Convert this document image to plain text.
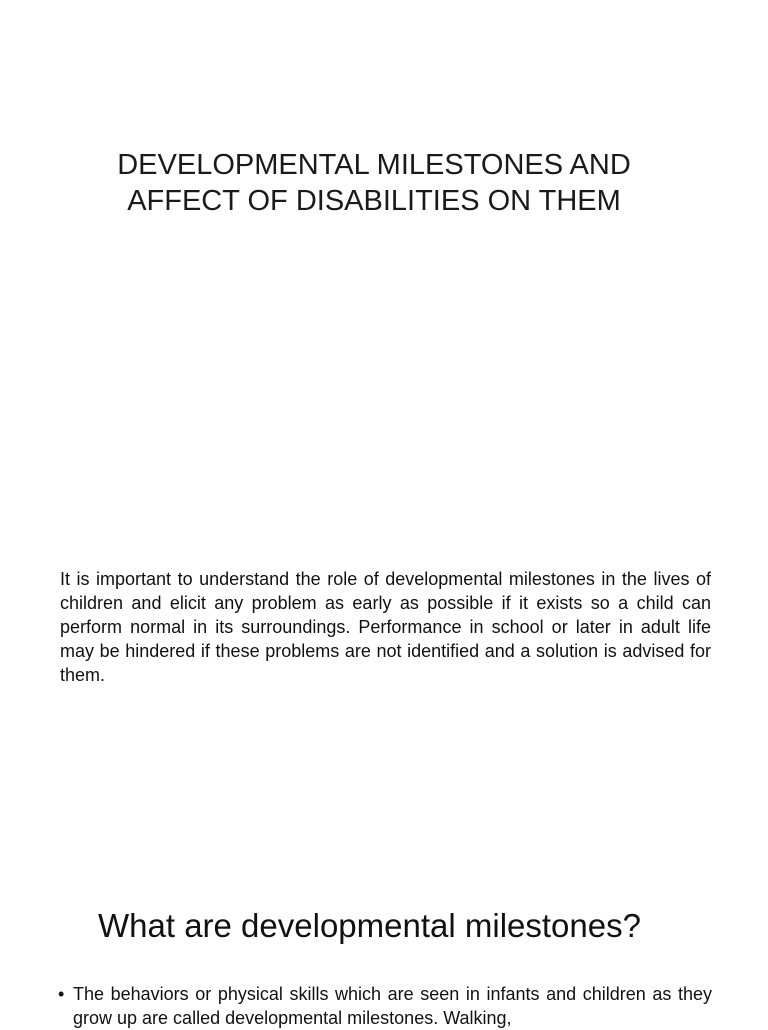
DEVELOPMENTAL MILESTONES AND
AFFECT OF DISABILITIES ON THEM

It is important to understand the role of developmental milestones in the lives of children and elicit any problem as early as possible if it exists so a child can perform normal in its surroundings. Performance in school or later in adult life may be hindered if these problems are not identified and a solution is advised for them.

What are developmental milestones?
• The behaviors or physical skills which are seen in infants and children as they grow up are called developmental milestones. Walking,
